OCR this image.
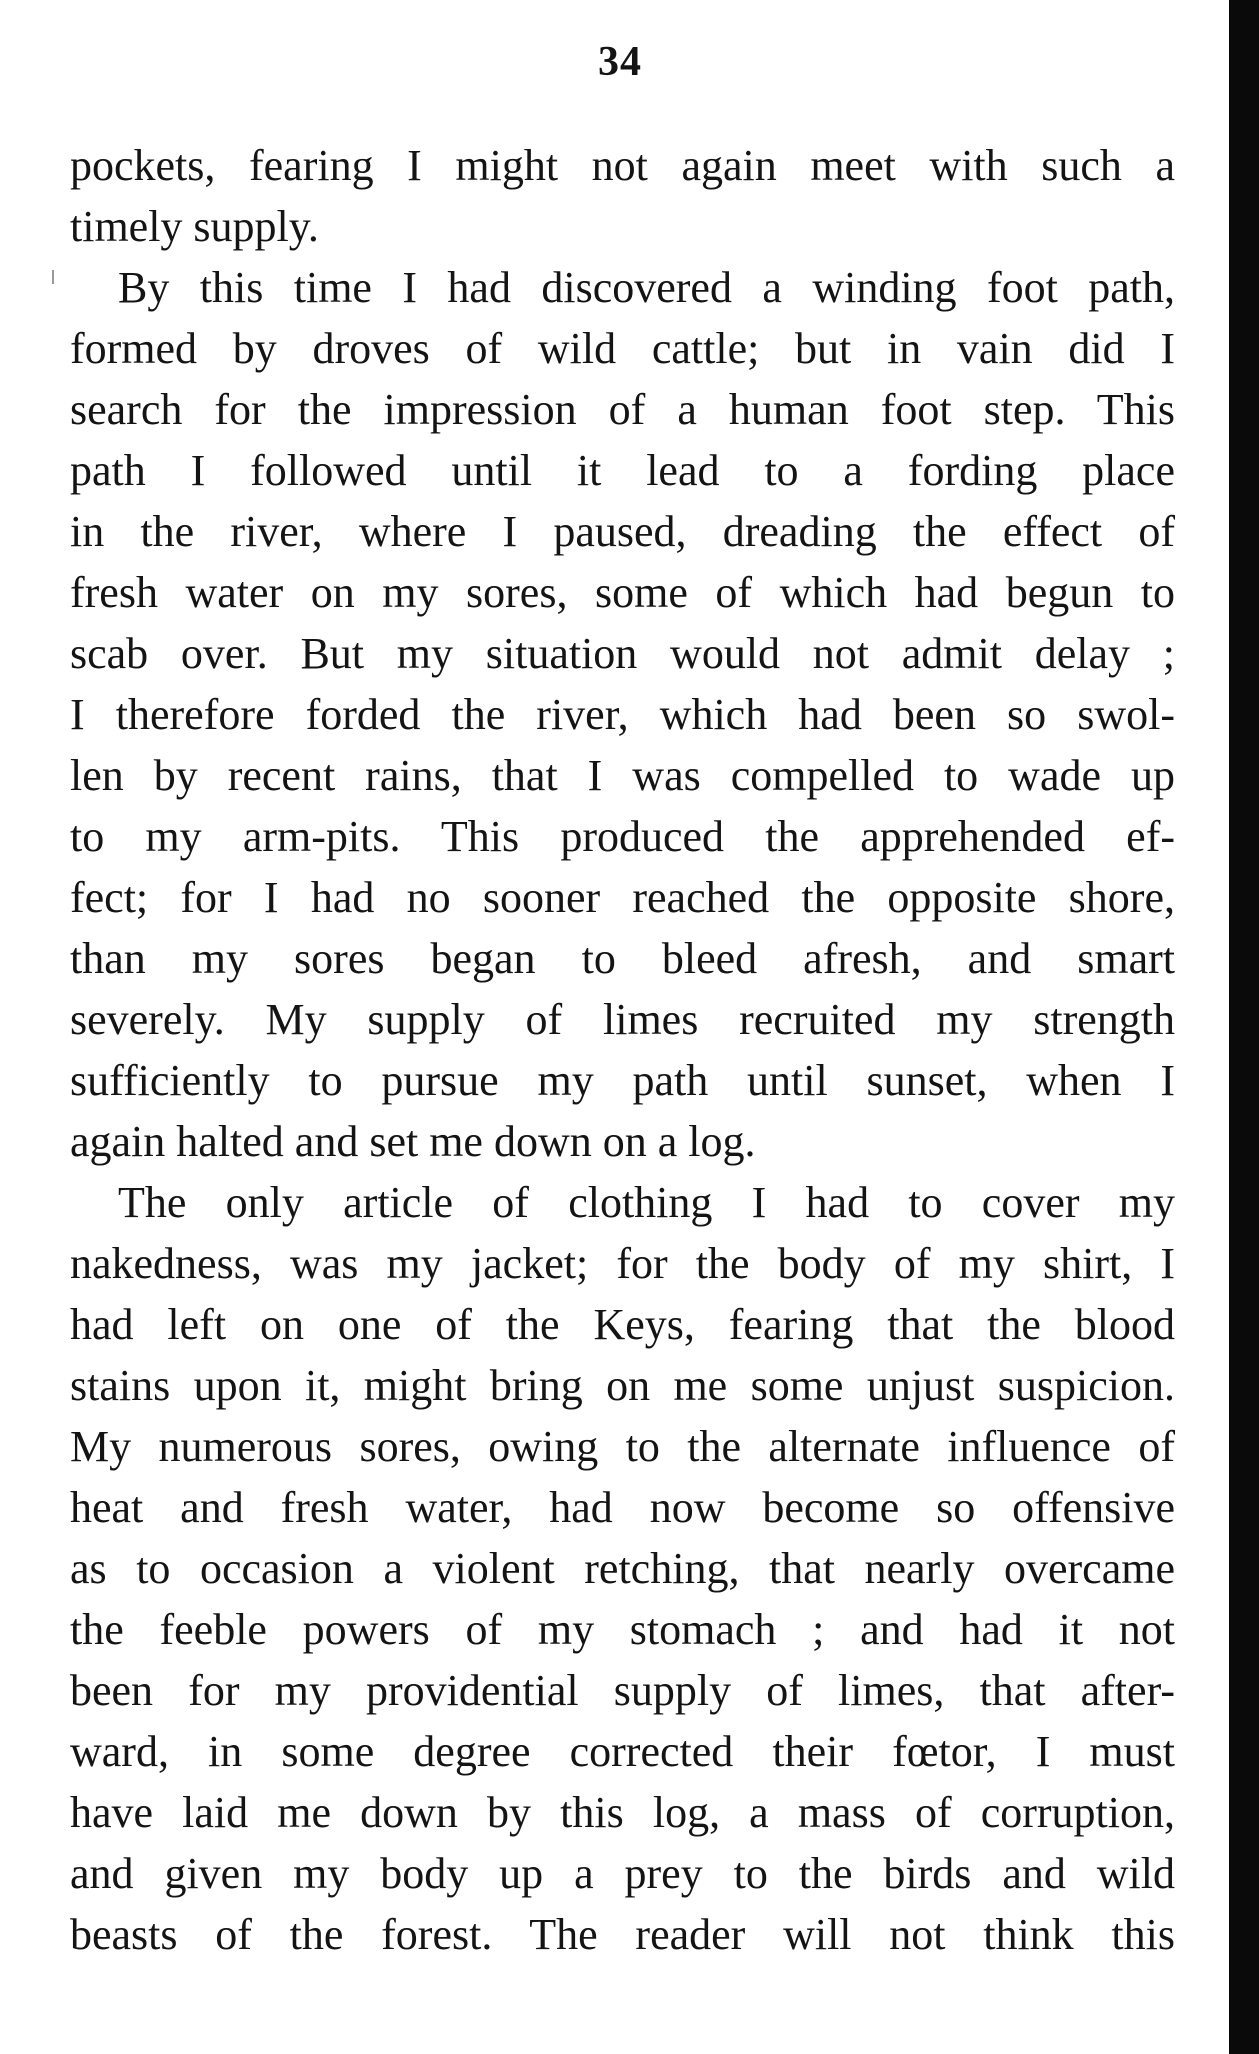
34
pockets, fearing I might not again meet with such a
timely supply.
By this time I had discovered a winding foot path,
formed by droves of wild cattle; but in vain did I
search for the impression of a human foot step. This
path I followed until it lead to a fording place
in the river, where I paused, dreading the effect of
fresh water on my sores, some of which had begun to
scab over. But my situation would not admit delay ;
I therefore forded the river, which had been so swol-
len by recent rains, that I was compelled to wade up
to my arm-pits. This produced the apprehended ef-
fect; for I had no sooner reached the opposite shore,
than my sores began to bleed afresh, and smart
severely. My supply of limes recruited my strength
sufficiently to pursue my path until sunset, when I
again halted and set me down on a log.
The only article of clothing I had to cover my
nakedness, was my jacket; for the body of my shirt, I
had left on one of the Keys, fearing that the blood
stains upon it, might bring on me some unjust suspicion.
My numerous sores, owing to the alternate influence of
heat and fresh water, had now become so offensive
as to occasion a violent retching, that nearly overcame
the feeble powers of my stomach ; and had it not
been for my providential supply of limes, that after-
ward, in some degree corrected their fœtor, I must
have laid me down by this log, a mass of corruption,
and given my body up a prey to the birds and wild
beasts of the forest. The reader will not think this
